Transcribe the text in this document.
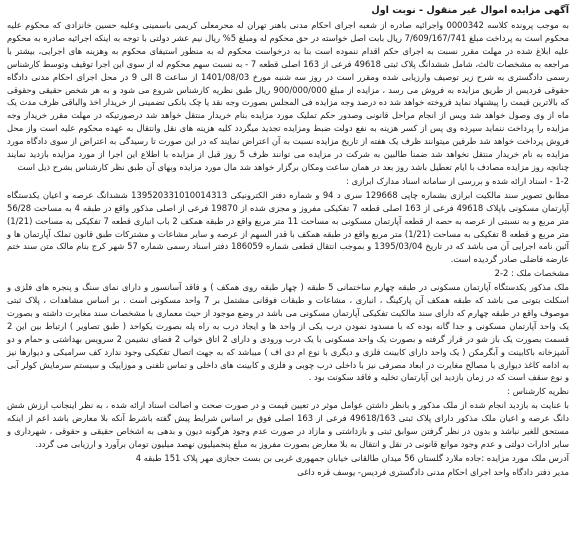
آگهی مزایده اموال غیر منقول - نوبت اول

به موجب پرونده کلاسه 0000342 واجرائیه صادره از شعبه اجرای احکام مدنی باهنر تهران له محرمعلی کریمی باسمینی وعلیه حسین خانزادی که محکوم علیه محکوم است به پرداخت مبلغ 7/609/167/741 ریال بابت اصل خواسته در حق محکوم له ومبلغ 5% ریال نیم عشر دولتی با توجه به اینکه اجرائیه صادره به محکوم علیه ابلاغ شده در مهلت مقرر نسبت به اجرای حکم اقدام ننموده است بنا به درخواست محکوم له به منظور استیفای محکوم به وهزینه های اجرایی، بیشتر با مراجعه به مشخصات ثالث، شامل ششدانگ پلاک ثبتی 49618 فرعی از 163 اصلی قطعه 7 - به نسبت سهم محکوم له از سوی این اجرا توقیف وتوسط کارشناس رسمی دادگستری به شرح زیر توصیف وارزیابی شده ومقرر است در روز سه شنبه مورخ 1401/08/03 از ساعت 8 الی 9 در محل اجرای احکام مدنی دادگاه حقوقی فردیس از طریق مزایده به فروش می رسد ، مزایده از مبلغ 900/000/000 ریال طبق نظریه کارشناس شروع می شود و به هر شخص حقیقی وحقوقی که بالاترین قیمت را پیشنهاد نماید فروخته خواهد شد ده درصد وجه مزایده فی المجلس بصورت وجه نقد یا چک بانکی تضمینی از خریدار اخذ والباقی ظرف مدت یک ماه از وی وصول خواهد شد وپس از انجام مراحل قانونی وصدور حکم تملیک مورد مزایده بنام خریدار منتقل خواهد شد درصورتیکه در مهلت مقرر خریدار وجه مزایده را پرداخت ننماید سپرده وی پس از کسر هزینه به نفع دولت ضبط ومزایده تجدید میگردد کلیه هزینه های نقل وانتقال به عهده محکوم علیه است واز محل فروش پرداخت خواهد شد طرفین میتوانند ظرف یک هفته از تاریخ مزایده نسبت به آن اعتراض نمایند که در این صورت تا رسیدگی به اعتراض از سوی دادگاه مورد مزایده به نام خریدار منتقل نخواهد شد ضمنا طالبین به شرکت در مزایده می توانند ظرف 5 روز قبل از مزایده با اطلاع این اجرا از مورد مزایده بازدید نمایند چنانچه روز مزایده مصادف با ایام تعطیل باشد روز بعد در همان ساعت ومکان برگزار خواهد شد مال مورد مزایده وبهای آن طبق نظر کارشناس بشرح ذیل است

1-2 - اسناد ارائه شده و بررسی از سامانه اسناد مدارک ابرازی :

مطابق تصویر سند مالکیت ابرازی بشماره چاپی 129668 سری د 94 و شماره دفتر الکترونیکی 139520331010014313 ششدانگ عرصه و اعیان یکدستگاه آپارتمان مسکونی باپلاک 49618 فرعی از 163 اصلی قطعه 7 تفکیکی مفروز و مجزی شده از 19870 فرعی از اصلی مذکور واقع در طبقه 4 به مساحت 56/28 متر مربع و به نسبتی از عرصه به حصه از قطعه آپارتمان مسکونی به مساحت 11 متر مربع واقع در طبقه همکف 2 باب انباری قطعه 7 تفکیکی به مساحت (1/21) متر مربع و قطعه 8 تفکیکی به مساحت (1/21) متر مربع واقع در طبقه همکف با قدر السهم از عرصه و سایر مشاعات و مشترکات طبق قانون تملک آپارتمان ها و آئین نامه اجرایی آن می باشد که در تاریخ 1395/03/04 و بموجب انتقال قطعی شماره 186059 دفتر اسناد رسمی شماره 57 شهر کرج بنام مالک متن سند ختم عارضه فاضلی صادر گردیده است.

مشخصات ملک : 2-2

ملک مذکور یکدستگاه آپارتمان مسکونی در طبقه چهارم ساختمانی 5 طبقه ( چهار طبقه روی همکف ) و فاقد آسانسور و دارای نمای سنگ و پنجره های فلزی و اسکلت بتونی می باشد که طبقه همکف آن پارکینگ ، انباری ، مشاعات و طبقات فوقانی مشتمل بر 7 واحد مسکونی است . بر اساس مشاهدات ، پلاک ثبتی موصوف واقع در طبقه چهارم که دارای سند مالکیت تفکیکی آپارتمان مسکونی می باشد در وضع موجود از حیث معماری با مشخصات سند مغایرت داشته و بصورت یک واحد آپارتمان مسکونی و جدا گانه بوده که با مسدود نمودن درب یکی از واحد ها و ایجاد درب به راه پله بصورت یکواحد ( طبق تصاویر ) ارتباط بین این 2 قسمت بصورت یک باز شو در قرار گرفته و بصورت یک واحد مسکونی با یک درب ورودی و دارای 2 اتاق خواب 2 فضای نشیمن 2 سرویس بهداشتی و حمام و دو آشپزخانه باکابینت و آبگرمکن ( یک واحد دارای کابینت فلزی و دیگری با نوع ام دی اف ) میباشد که به جهت اتصال تفکیکی وجود ندارد کف سرامیکی و دیوارها نیز به ادامه کاغذ دیواری با مصالح مغایرت در ابعاد مصرفی نیز با داخلی درب چوبی و فلزی و کابینت های داخلی و تماس تلفنی و موزاییک و سیستم سرمایش کولر آبی و نوع سقف است که در زمان بازدید این آپارتمان تخلیه و فاقد سکونت بود .

نظریه کارشناس :

با عنایت به بازدید انجام شده از ملک مذکور و بانظر داشتن عوامل موثر در تعیین قیمت و در صورت صحت و اصالت اسناد ارائه شده ، به نظر اینجانب ارزش شش دانگ عرصه و اعیان ملک مذکور دارای پلاک ثبتی 49618/163 فرعی از 163 اصلی فوق بر اساس شرایط پیش گفته باشرط آنکه بلا معارض باشد اعم از اینکه مستحق للغیر نباشد و بدون در نظر گرفتن سوابق ثبتی و بازداشتی و مازاد در صورت عدم وجود هرگونه دیون و بدهی به اشخاص حقیقی و حقوقی ، شهرداری و سایر ادارات دولتی و عدم وجود موانع قانونی در نقل و انتقال به بلا معارض بصورت مفروز به مبلغ پنجمیلیون نهصد میلیون تومان برآورد و ارزیابی می گردد.

آدرس ملک مورد مزایده :جاده ملارد گلستان 56 میدان طالقانی خیابان جمهوری غربی بن بست حجازی مهر پلاک 151 طبقه 4

مدیر دفتر دادگاه واحد اجرای احکام مدنی دادگستری فردیس- یوسف قره داغی
